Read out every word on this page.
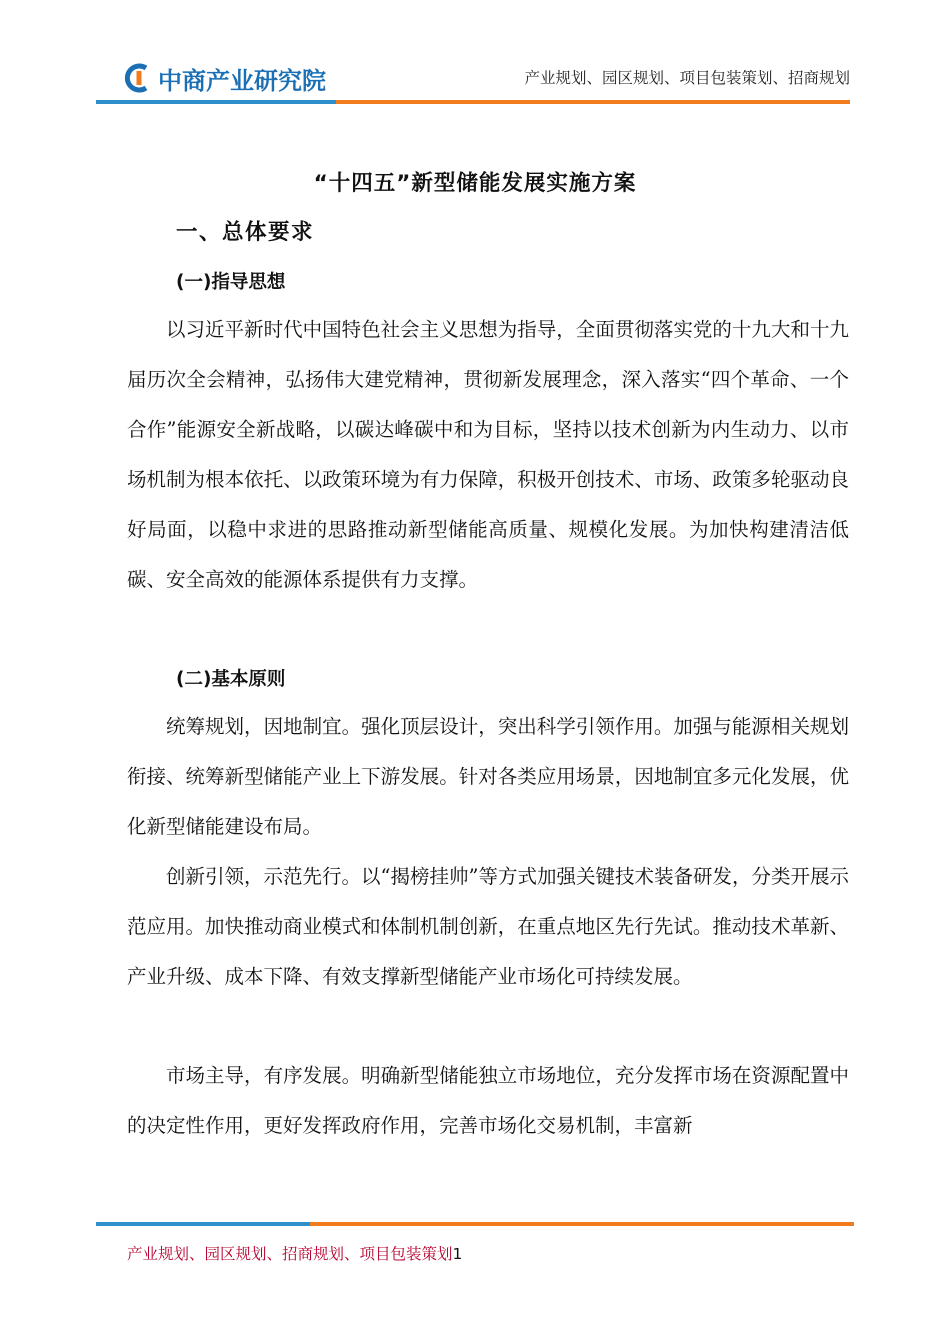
中商产业研究院	产业规划、园区规划、项目包装策划、招商规划
“十四五”新型储能发展实施方案
一、总体要求
(一)指导思想

以习近平新时代中国特色社会主义思想为指导，全面贯彻落实党的十九大和十九届历次全会精神，弘扬伟大建党精神，贯彻新发展理念，深入落实“四个革命、一个合作”能源安全新战略，以碳达峰碳中和为目标，坚持以技术创新为内生动力、以市场机制为根本依托、以政策环境为有力保障，积极开创技术、市场、政策多轮驱动良好局面，以稳中求进的思路推动新型储能高质量、规模化发展。为加快构建清洁低碳、安全高效的能源体系提供有力支撑。

(二)基本原则

统筹规划，因地制宜。强化顶层设计，突出科学引领作用。加强与能源相关规划衔接、统筹新型储能产业上下游发展。针对各类应用场景，因地制宜多元化发展，优化新型储能建设布局。

创新引领，示范先行。以“揭榜挂帅”等方式加强关键技术装备研发，分类开展示范应用。加快推动商业模式和体制机制创新，在重点地区先行先试。推动技术革新、产业升级、成本下降、有效支撑新型储能产业市场化可持续发展。

市场主导，有序发展。明确新型储能独立市场地位，充分发挥市场在资源配置中的决定性作用，更好发挥政府作用，完善市场化交易机制，丰富新

产业规划、园区规划、招商规划、项目包装策划1
